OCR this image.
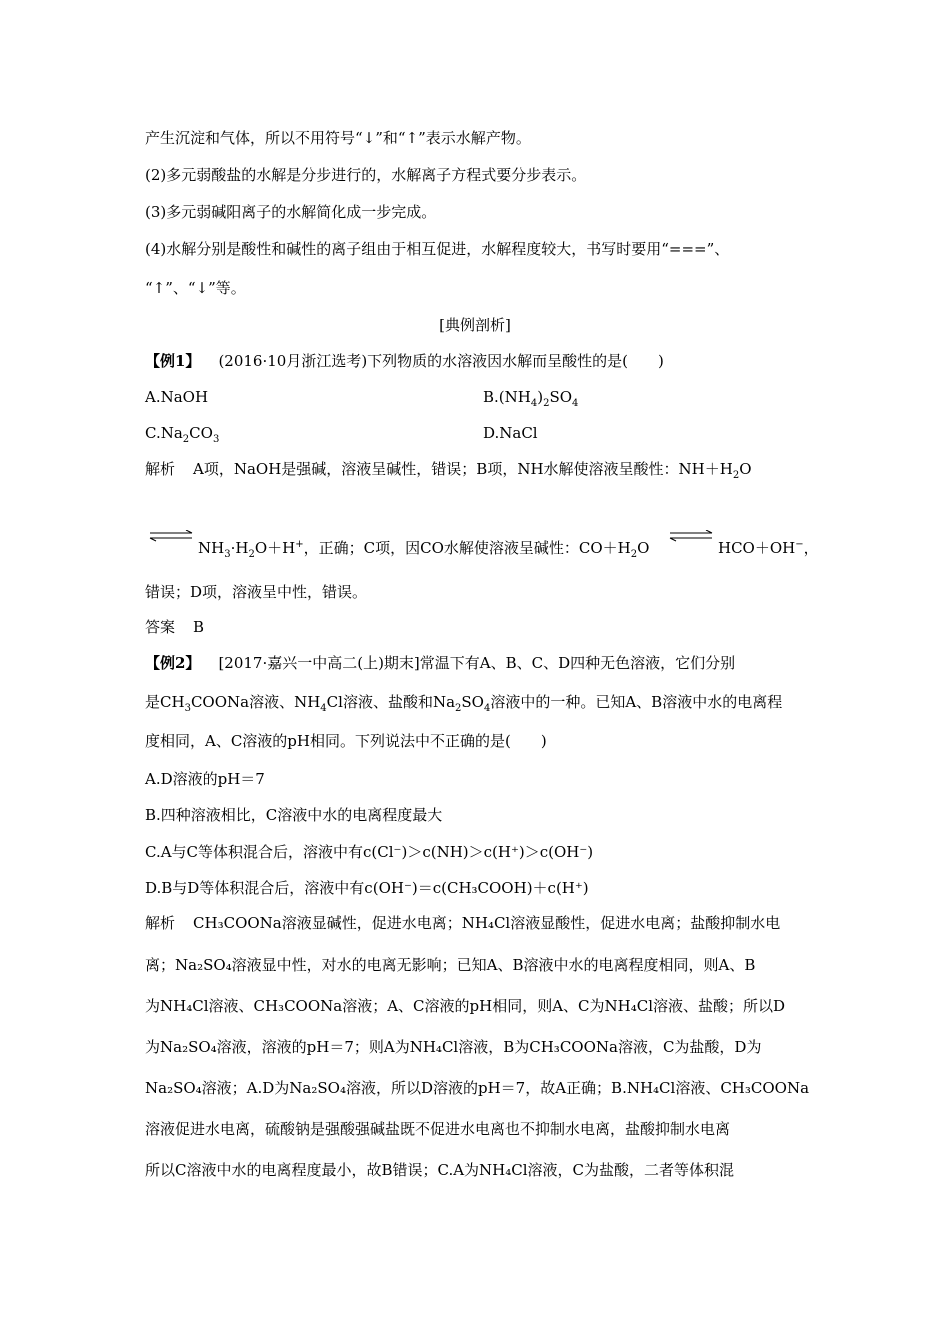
产生沉淀和气体，所以不用符号“↓”和“↑”表示水解产物。
(2)多元弱酸盐的水解是分步进行的，水解离子方程式要分步表示。
(3)多元弱碱阳离子的水解简化成一步完成。
(4)水解分别是酸性和碱性的离子组由于相互促进，水解程度较大，书写时要用“===”、
“↑”、“↓”等。
[典例剖析]
【例1】 (2016·10月浙江选考)下列物质的水溶液因水解而呈酸性的是(　　)
A.NaOH	$B.(NH_4)_2SO_4$
$C.Na_2CO_3$	D.NaCl
解析 A项，NaOH是强碱，溶液呈碱性，错误；B项，NH水解使溶液呈酸性：$NH+H_2O$
$NH_3\cdot H_2O+H^+$，正确；C项，因CO水解使溶液呈碱性：$CO+H_2O$	HCO＋OH−，
错误；D项，溶液呈中性，错误。
答案 B
【例2】 [2017·嘉兴一中高二(上)期末]常温下有A、B、C、D四种无色溶液，它们分别
是$CH_3COONa$溶液、$NH_4Cl$溶液、盐酸和$Na_2SO_4$溶液中的一种。已知A、B溶液中水的电离程
度相同，A、C溶液的pH相同。下列说法中不正确的是(　　)
A.D溶液的pH＝7
B.四种溶液相比，C溶液中水的电离程度最大
C.A与C等体积混合后，溶液中有c(Cl⁻)＞c(NH)＞c(H⁺)＞c(OH⁻)
D.B与D等体积混合后，溶液中有c(OH⁻)＝c(CH₃COOH)＋c(H⁺)
解析 CH₃COONa溶液显碱性，促进水电离；NH₄Cl溶液显酸性，促进水电离；盐酸抑制水电
离；Na₂SO₄溶液显中性，对水的电离无影响；已知A、B溶液中水的电离程度相同，则A、B
为NH₄Cl溶液、CH₃COONa溶液；A、C溶液的pH相同，则A、C为NH₄Cl溶液、盐酸；所以D
为Na₂SO₄溶液，溶液的pH＝7；则A为NH₄Cl溶液，B为CH₃COONa溶液，C为盐酸，D为
Na₂SO₄溶液；A.D为Na₂SO₄溶液，所以D溶液的pH＝7，故A正确；B.NH₄Cl溶液、CH₃COONa
溶液促进水电离，硫酸钠是强酸强碱盐既不促进水电离也不抑制水电离，盐酸抑制水电离
所以C溶液中水的电离程度最小，故B错误；C.A为NH₄Cl溶液，C为盐酸，二者等体积混
